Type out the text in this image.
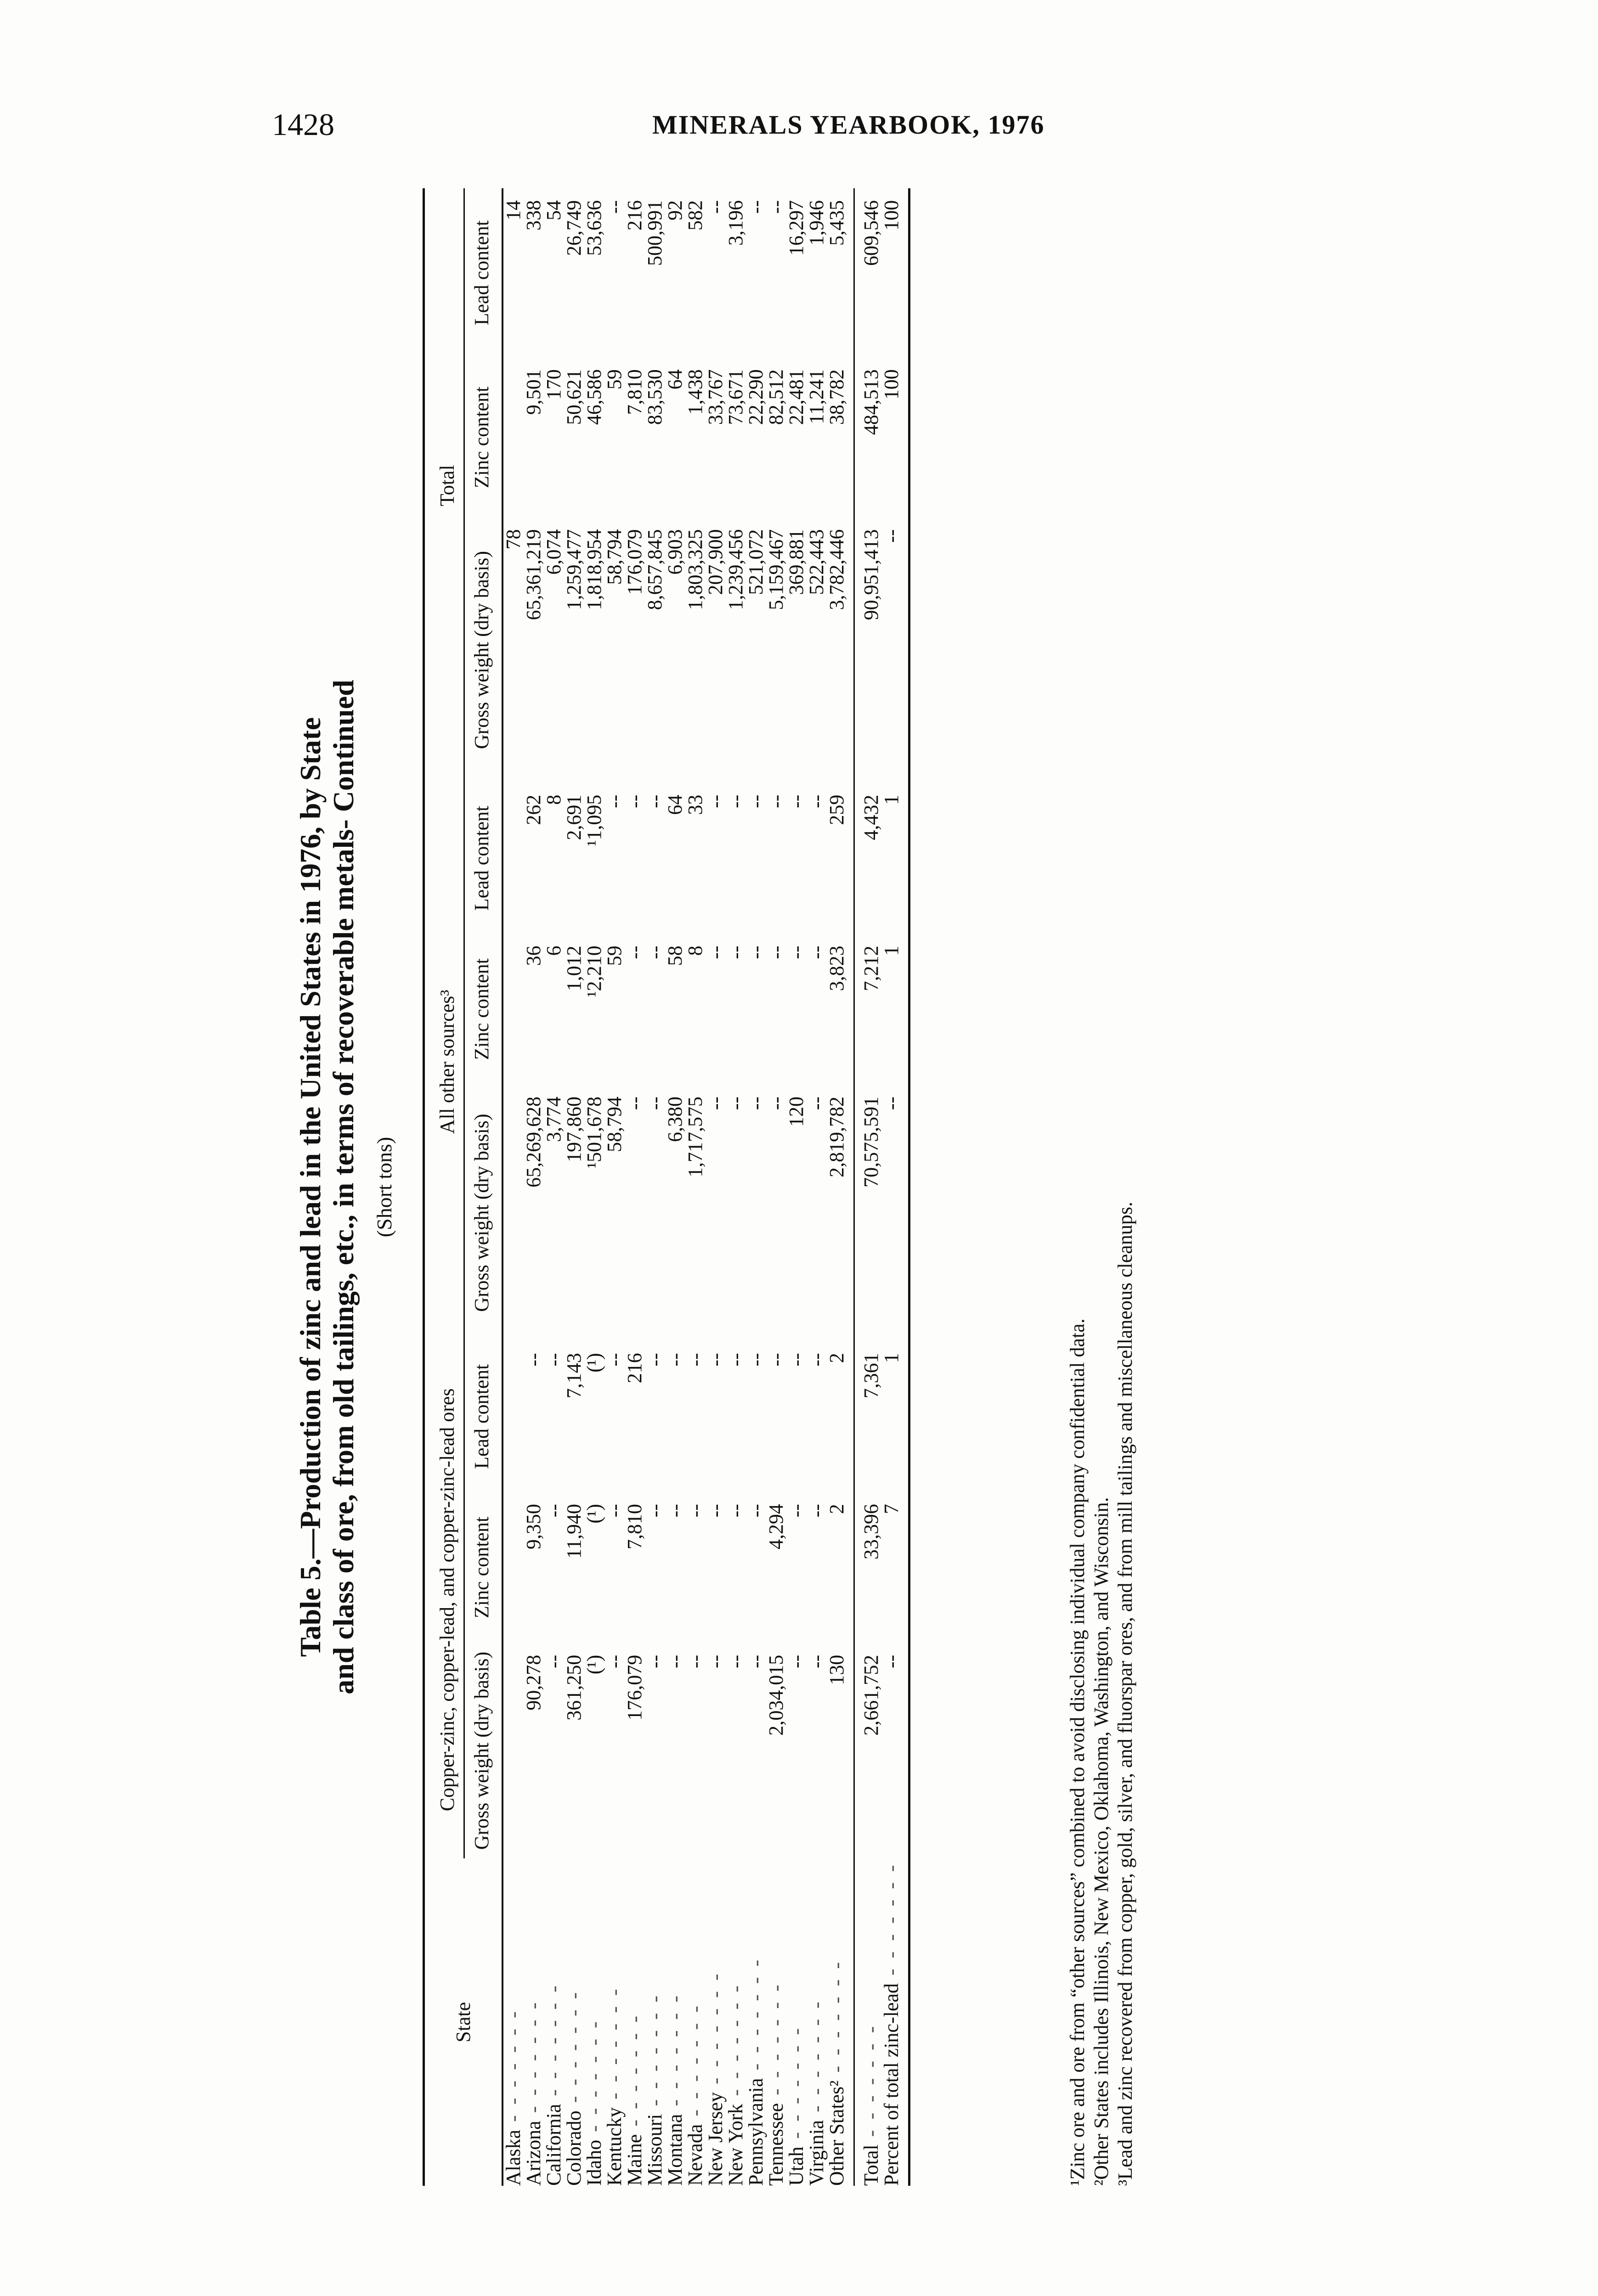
1428	MINERALS YEARBOOK, 1976
Table 5.—Production of zinc and lead in the United States in 1976, by State and class of ore, from old tailings, etc., in terms of recoverable metals- Continued (Short tons)
State	Copper-zinc, copper-lead, and copper-zinc-lead ores			All other sources³			Total		
	Gross weight (dry basis)	Zinc content	Lead content	Gross weight (dry basis)	Zinc content	Lead content	Gross weight (dry basis)	Zinc content	Lead content
Alaska - - - - - - -							78		14
Arizona - - - - - - -	90,278	9,350	--	65,269,628	36	262	65,361,219	9,501	338
California - - - - - - -	--	--	--	3,774	6	8	6,074	170	54
Colorado - - - - - - -	361,250	11,940	7,143	197,860	1,012	2,691	1,259,477	50,621	26,749
Idaho - - - - - - -	(¹)	(¹)	(¹)	¹501,678	¹2,210	¹1,095	1,818,954	46,586	53,636
Kentucky - - - - - - -	--	--	--	58,794	59	--	58,794	59	--
Maine - - - - - - -	176,079	7,810	216	--	--	--	176,079	7,810	216
Missouri - - - - - - -	--	--	--	--	--	--	8,657,845	83,530	500,991
Montana - - - - - - -	--	--	--	6,380	58	64	6,903	64	92
Nevada - - - - - - -	--	--	--	1,717,575	8	33	1,803,325	1,438	582
New Jersey - - - - - - -	--	--	--	--	--	--	207,900	33,767	--
New York - - - - - - -	--	--	--	--	--	--	1,239,456	73,671	3,196
Pennsylvania - - - - - - -	--	--	--	--	--	--	521,072	22,290	--
Tennessee - - - - - - -	2,034,015	4,294	--	--	--	--	5,159,467	82,512	--
Utah - - - - - - -	--	--	--	120	--	--	369,881	22,481	16,297
Virginia - - - - - - -	--	--	--	--	--	--	522,443	11,241	1,946
Other States² - - - - - - -	130	2	2	2,819,782	3,823	259	3,782,446	38,782	5,435
Total - - - - - - -	2,661,752	33,396	7,361	70,575,591	7,212	4,432	90,951,413	484,513	609,546
Percent of total zinc-lead - - - - - - -	--	7	1	--	1	1	--	100	100
¹Zinc ore and ore from “other sources” combined to avoid disclosing individual company confidential data. ²Other States includes Illinois, New Mexico, Oklahoma, Washington, and Wisconsin. ³Lead and zinc recovered from copper, gold, silver, and fluorspar ores, and from mill tailings and miscellaneous cleanups.
